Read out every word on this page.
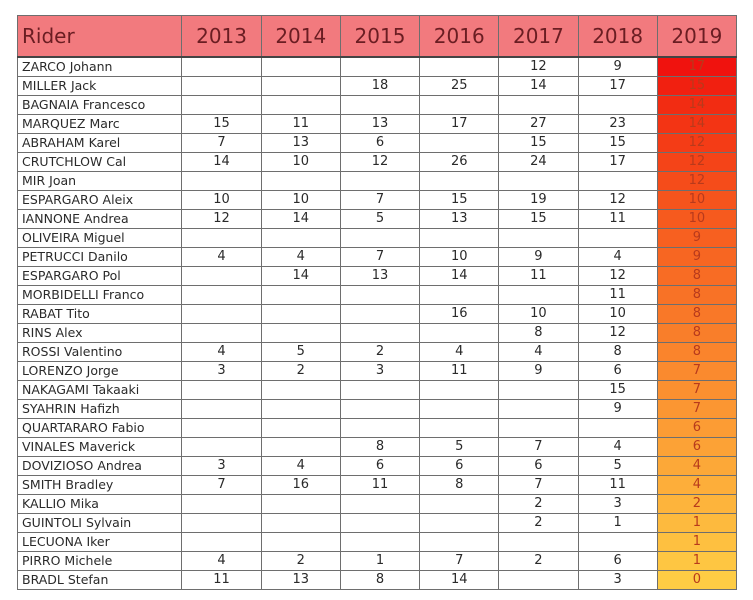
Rider	2013	2014	2015	2016	2017	2018	2019
ZARCO Johann					12	9	17
MILLER Jack			18	25	14	17	15
BAGNAIA Francesco							14
MARQUEZ Marc	15	11	13	17	27	23	14
ABRAHAM Karel	7	13	6		15	15	12
CRUTCHLOW Cal	14	10	12	26	24	17	12
MIR Joan							12
ESPARGARO Aleix	10	10	7	15	19	12	10
IANNONE Andrea	12	14	5	13	15	11	10
OLIVEIRA Miguel							9
PETRUCCI Danilo	4	4	7	10	9	4	9
ESPARGARO Pol		14	13	14	11	12	8
MORBIDELLI Franco						11	8
RABAT Tito				16	10	10	8
RINS Alex					8	12	8
ROSSI Valentino	4	5	2	4	4	8	8
LORENZO Jorge	3	2	3	11	9	6	7
NAKAGAMI Takaaki						15	7
SYAHRIN Hafizh						9	7
QUARTARARO Fabio							6
VINALES Maverick			8	5	7	4	6
DOVIZIOSO Andrea	3	4	6	6	6	5	4
SMITH Bradley	7	16	11	8	7	11	4
KALLIO Mika					2	3	2
GUINTOLI Sylvain					2	1	1
LECUONA Iker							1
PIRRO Michele	4	2	1	7	2	6	1
BRADL Stefan	11	13	8	14		3	0
